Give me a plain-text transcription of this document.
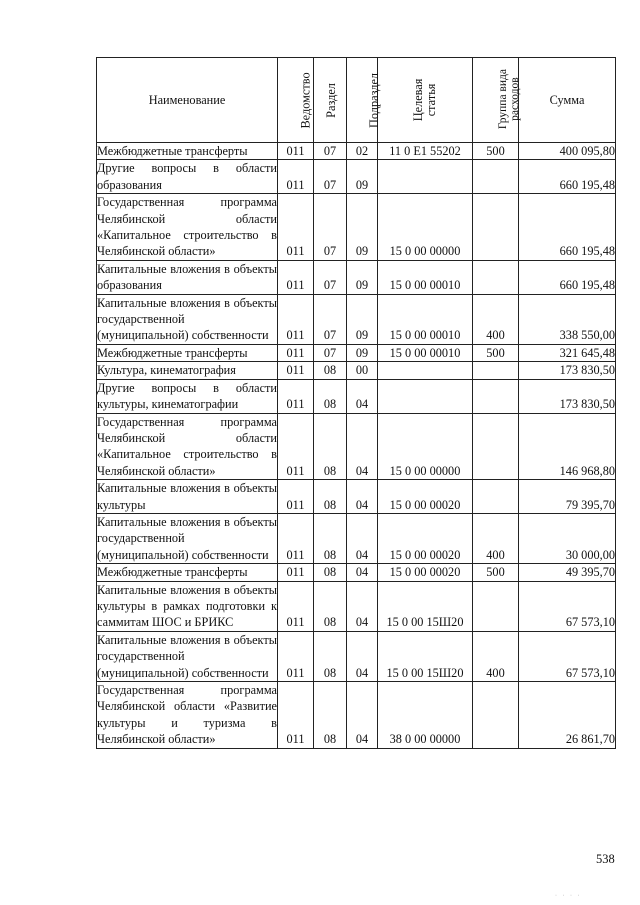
Наименование	Ведомство	Раздел	Подраздел	Целевая статья	Группа вида расходов	Сумма
Межбюджетные трансферты	011	07	02	11 0 Е1 55202	500	400 095,80
Другие вопросы в области образования	011	07	09			660 195,48
Государственная программа Челябинской области «Капитальное строительство в Челябинской области»	011	07	09	15 0 00 00000		660 195,48
Капитальные вложения в объекты образования	011	07	09	15 0 00 00010		660 195,48
Капитальные вложения в объекты государственной (муниципальной) собственности	011	07	09	15 0 00 00010	400	338 550,00
Межбюджетные трансферты	011	07	09	15 0 00 00010	500	321 645,48
Культура, кинематография	011	08	00			173 830,50
Другие вопросы в области культуры, кинематографии	011	08	04			173 830,50
Государственная программа Челябинской области «Капитальное строительство в Челябинской области»	011	08	04	15 0 00 00000		146 968,80
Капитальные вложения в объекты культуры	011	08	04	15 0 00 00020		79 395,70
Капитальные вложения в объекты государственной (муниципальной) собственности	011	08	04	15 0 00 00020	400	30 000,00
Межбюджетные трансферты	011	08	04	15 0 00 00020	500	49 395,70
Капитальные вложения в объекты культуры в рамках подготовки к саммитам ШОС и БРИКС	011	08	04	15 0 00 15Ш20		67 573,10
Капитальные вложения в объекты государственной (муниципальной) собственности	011	08	04	15 0 00 15Ш20	400	67 573,10
Государственная программа Челябинской области «Развитие культуры и туризма в Челябинской области»	011	08	04	38 0 00 00000		26 861,70
538
· · · ·
